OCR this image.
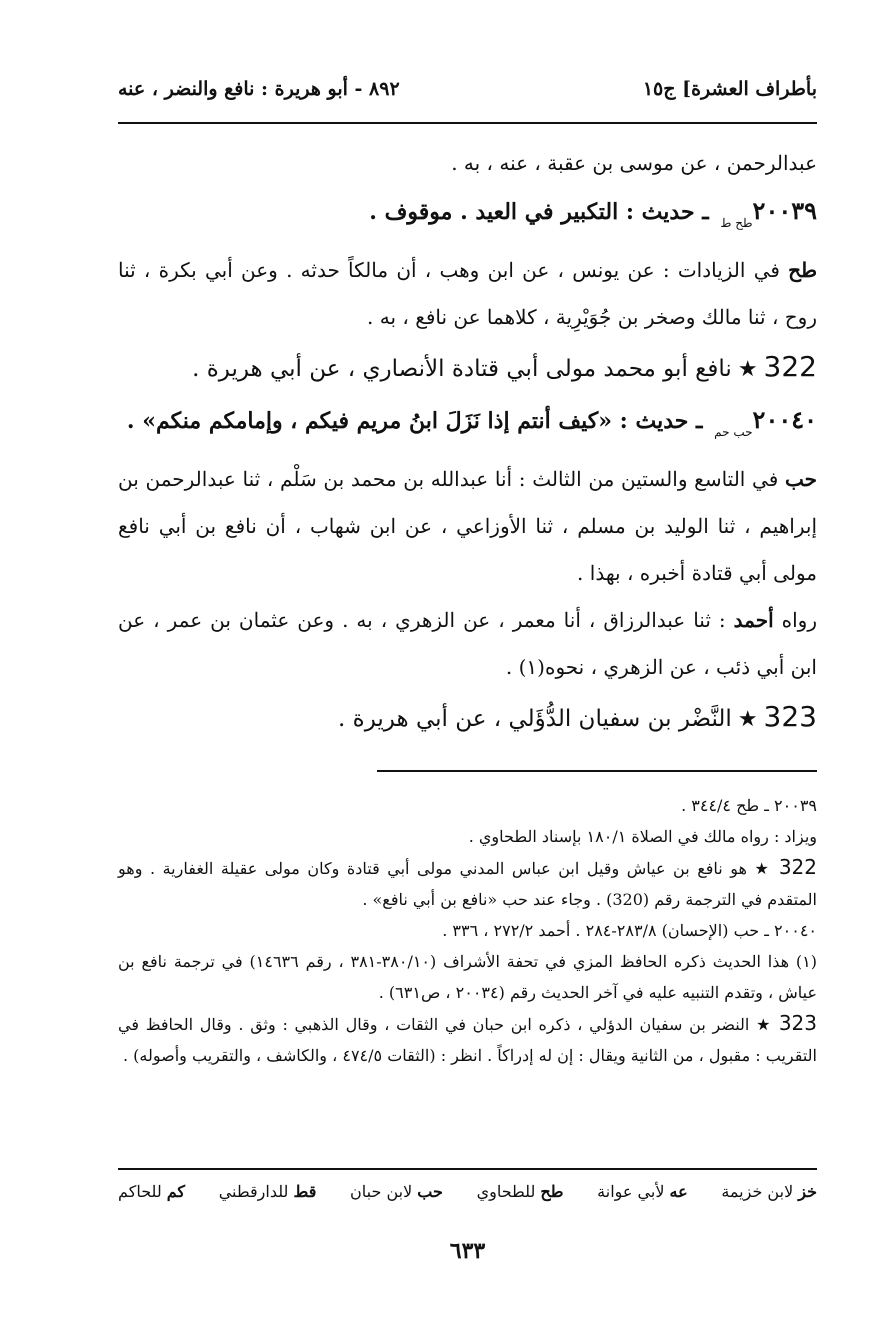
بأطراف العشرة] ج١٥
٨٩٢ - أبو هريرة : نافع والنضر ، عنه

عبدالرحمن ، عن موسى بن عقبة ، عنه ، به .

$٢٠٠٣٩_{طح ط}$ ـ حديث : التكبير في العيد . موقوف .

طح في الزيادات : عن يونس ، عن ابن وهب ، أن مالكاً حدثه . وعن أبي بكرة ، ثنا روح ، ثنا مالك وصخر بن جُوَيْرِية ، كلاهما عن نافع ، به .

322★نافع أبو محمد مولى أبي قتادة الأنصاري ، عن أبي هريرة .

$٢٠٠٤٠_{حب حم}$ ـ حديث : «كيف أنتم إذا نَزَلَ ابنُ مريم فيكم ، وإمامكم منكم» .

حب في التاسع والستين من الثالث : أنا عبدالله بن محمد بن سَلْم ، ثنا عبدالرحمن بن إبراهيم ، ثنا الوليد بن مسلم ، ثنا الأوزاعي ، عن ابن شهاب ، أن نافع بن أبي نافع مولى أبي قتادة أخبره ، بهذا .

رواه أحمد : ثنا عبدالرزاق ، أنا معمر ، عن الزهري ، به . وعن عثمان بن عمر ، عن ابن أبي ذئب ، عن الزهري ، نحوه(١) .

323★النَّضْر بن سفيان الدُّؤَلي ، عن أبي هريرة .

٢٠٠٣٩ ـ طح ٣٤٤/٤ .

ويزاد : رواه مالك في الصلاة ١٨٠/١ بإسناد الطحاوي .

322 ★ هو نافع بن عياش وقيل ابن عباس المدني مولى أبي قتادة وكان مولى عقيلة الغفارية . وهو المتقدم في الترجمة رقم (320) . وجاء عند حب «نافع بن أبي نافع» .

٢٠٠٤٠ ـ حب (الإحسان) ٢٨٣/٨-٢٨٤ . أحمد ٢٧٢/٢ ، ٣٣٦ .

(١) هذا الحديث ذكره الحافظ المزي في تحفة الأشراف (٣٨٠/١٠-٣٨١ ، رقم ١٤٦٣٦) في ترجمة نافع بن عياش ، وتقدم التنبيه عليه في آخر الحديث رقم (٢٠٠٣٤ ، ص٦٣١) .

323 ★ النضر بن سفيان الدؤلي ، ذكره ابن حبان في الثقات ، وقال الذهبي : وثق . وقال الحافظ في التقريب : مقبول ، من الثانية ويقال : إن له إدراكاً . انظر : (الثقات ٤٧٤/٥ ، والكاشف ، والتقريب وأصوله) .

خز لابن خزيمة
عه لأبي عوانة
طح للطحاوي
حب لابن حبان
قط للدارقطني
كم للحاكم
٦٣٣
